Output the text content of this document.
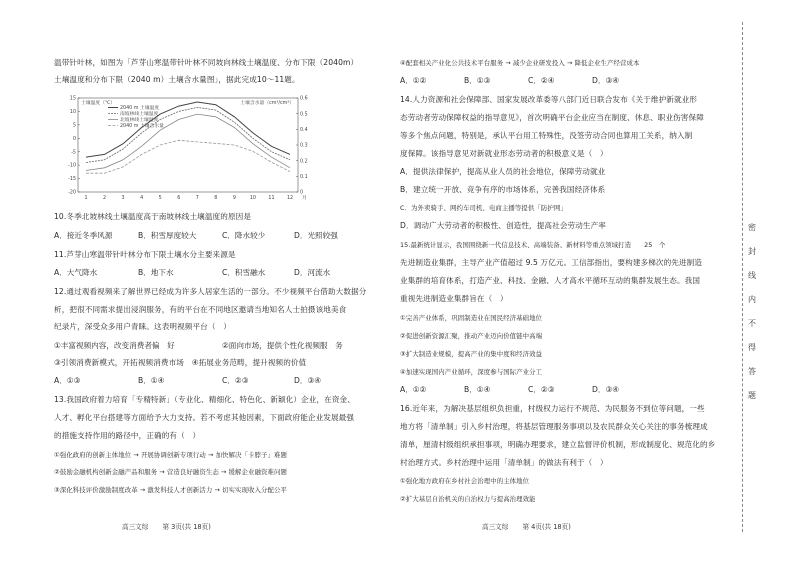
温带针叶林，如图为「芦芽山寒温带针叶林不同坡向林线土壤温度、分布下限（2040m）
土壤温度和分布下限（2040 m）土壤含水量图」，据此完成10～11题。
15
10
5
0
-5
-10
-15
-20
0.6
0.5
0.4
0.3
0.2
0.1
0
1	2	3	4	5	6	7	8	9	10	11	12 月
土壤温度（℃）	土壤含水量（cm³/cm³）
2040 m 土壤温度
南坡林线土壤温度
北坡林线土壤温度
2040 m 土壤含水量
10.冬季北坡林线土壤温度高于南坡林线土壤温度的原因是
A．接近冬季风源	B．积雪厚度较大	C．降水较少	D．光照较强
11.芦芽山寒温带针叶林分布下限土壤水分主要来源是
A．大气降水	B．地下水	C．积雪融水	D．河流水
12.通过观看视频来了解世界已经成为许多人居家生活的一部分。不少视频平台借助大数据分
析，把很不同需求提出浸润服务，有的平台在不同地区邀请当地知名人士拍摄该地美食
纪录片，深受众多用户青睐。这表明视频平台（　）
①丰富视频内容，改变消费者偏　好	②面向市场，提供个性化视频服　务
③引领消费新模式，开拓视频消费市场　④拓展业务范畴，提升视频的价值
A．①③	B．①④	C．②③	D．③④
13.我国政府着力培育「专精特新」（专业化、精细化、特色化、新颖化）企业，在资金、
人才、孵化平台搭建等方面给予大力支持。若不考虑其他因素，下面政府能企业发展最强
的措施支持作用的路径中，正确的有（　）
①强化政府的创新主体地位 → 开展协调创新专项行动 → 加快解决「卡脖子」难题
②鼓励金融机构创新金融产品和服务 → 营造良好融资生态 → 缓解企业融资难问题
③深化科技评价激励制度改革 → 激发科技人才创新活力 → 切实实现收入分配公平
高三文综 第 3页(共 18页)
④配套相关产业化公共技术平台服务 → 减少企业研发投入 → 降低企业生产经营成本
A．①②	B．①③	C．②④	D．③④
14.人力资源和社会保障部、国家发展改革委等八部门近日联合发布《关于维护新就业形
态劳动者劳动保障权益的指导意见》，首次明确平台企业应当在制度、休息、职业伤害保障
等多个焦点问题，特别是，承认平台用工特殊性，没签劳动合同也算用工关系，纳入制
度保障。该指导意见对新就业形态劳动者的积极意义是（　）
A．提供法律保护，提高从业人员的社会地位，保障劳动就业
B．建立统一开放、竞争有序的市场体系，完善我国经济体系
C．为外卖骑手、网约车司机、电商主播等提供「防护网」
D．调动广大劳动者的积极性、创造性，提高社会劳动生产率
15.最新统计显示，我国围绕新一代信息技术、高端装备、新材料等重点领域打造　　25　个
先进制造业集群，主导产业产值超过 9.5 万亿元。工信部指出，要构建多梯次的先进制造
业集群的培育体系，打造产业、科技、金融、人才高水平循环互动的集群发展生态。我国
重视先进制造业集群旨在（　）
①完善产业体系，巩固制造业在国民经济基础地位
②促进创新资源汇聚，推动产业迈向价值链中高端
③扩大制造业规模，提高产业的集中度和经济效益
④加速实现国内产业循环，深度参与国际产业分工
A．①②	B．①④	C．②③	D．③④
16.近年来，为解决基层组织负担重，村级权力运行不规范、为民服务不到位等问题，一些
地方将「清单制」引入乡村治理，将基层管理服务事项以及农民群众关心关注的事务梳理成
清单，厘清村级组织承担事项，明确办理要求，建立监督评价机制，形成制度化、规范化的乡
村治理方式。乡村治理中运用「清单制」的做法有利于（　）
①强化地方政府在乡村社会治理中的主体地位
②扩大基层自治机关的自治权力与提高治理效能
高三文综 第 4页(共 18页)
密
封
线
内
不
得
答
题
